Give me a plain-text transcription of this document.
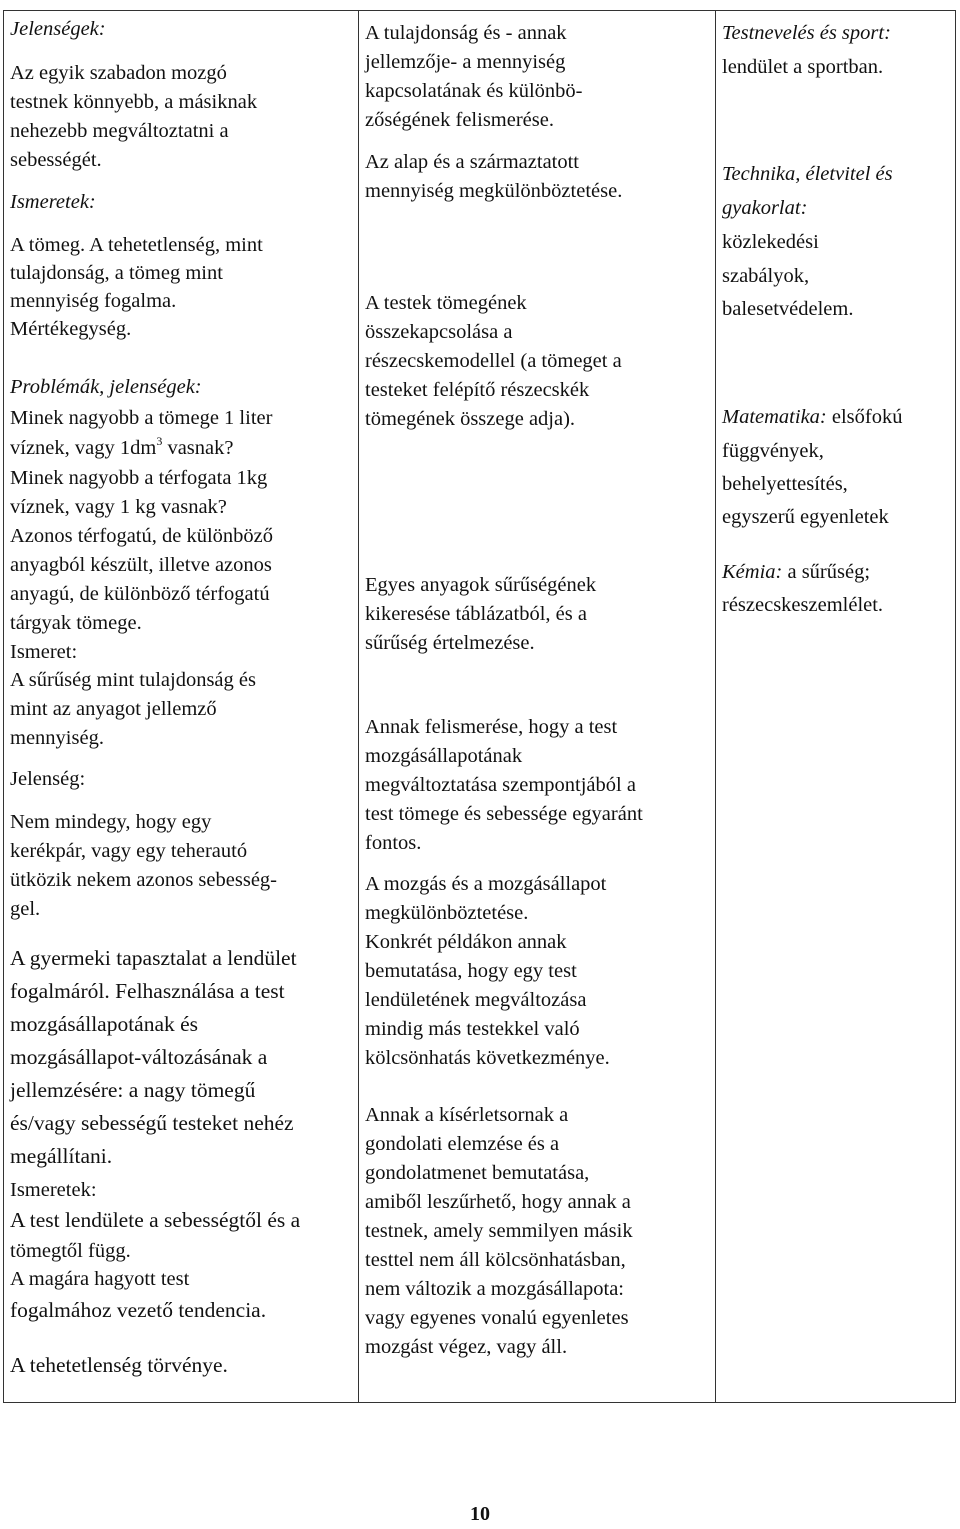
Jelenségek:
Az egyik szabadon mozgó
testnek könnyebb, a másiknak
nehezebb megváltoztatni a
sebességét.
Ismeretek:
A tömeg. A tehetetlenség, mint
tulajdonság, a tömeg mint
mennyiség fogalma.
Mértékegység.
Problémák, jelenségek:
Minek nagyobb a tömege 1 liter
víznek, vagy $1dm^3$ vasnak?
Minek nagyobb a térfogata 1kg
víznek, vagy 1 kg vasnak?
Azonos térfogatú, de különböző
anyagból készült, illetve azonos
anyagú, de különböző térfogatú
tárgyak tömege.
Ismeret:
A sűrűség mint tulajdonság és
mint az anyagot jellemző
mennyiség.
Jelenség:
Nem mindegy, hogy egy
kerékpár, vagy egy teherautó
ütközik nekem azonos sebesség-
gel.
A gyermeki tapasztalat a lendület
fogalmáról. Felhasználása a test
mozgásállapotának és
mozgásállapot-változásának a
jellemzésére: a nagy tömegű
és/vagy sebességű testeket nehéz
megállítani.
Ismeretek:
A test lendülete a sebességtől és a
tömegtől függ.
A magára hagyott test
fogalmához vezető tendencia.
A tehetetlenség törvénye.
A tulajdonság és - annak
jellemzője- a mennyiség
kapcsolatának és különbö-
zőségének felismerése.
Az alap és a származtatott
mennyiség megkülönböztetése.
A testek tömegének
összekapcsolása a
részecskemodellel (a tömeget a
testeket felépítő részecskék
tömegének összege adja).
Egyes anyagok sűrűségének
kikeresése táblázatból, és a
sűrűség értelmezése.
Annak felismerése, hogy a test
mozgásállapotának
megváltoztatása szempontjából a
test tömege és sebessége egyaránt
fontos.
A mozgás és a mozgásállapot
megkülönböztetése.
Konkrét példákon annak
bemutatása, hogy egy test
lendületének megváltozása
mindig más testekkel való
kölcsönhatás következménye.
Annak a kísérletsornak a
gondolati elemzése és a
gondolatmenet bemutatása,
amiből leszűrhető, hogy annak a
testnek, amely semmilyen másik
testtel nem áll kölcsönhatásban,
nem változik a mozgásállapota:
vagy egyenes vonalú egyenletes
mozgást végez, vagy áll.
Testnevelés és sport:
lendület a sportban.
Technika, életvitel és
gyakorlat:
közlekedési
szabályok,
balesetvédelem.
Matematika: elsőfokú
függvények,
behelyettesítés,
egyszerű egyenletek
Kémia: a sűrűség;
részecskeszemlélet.
10
